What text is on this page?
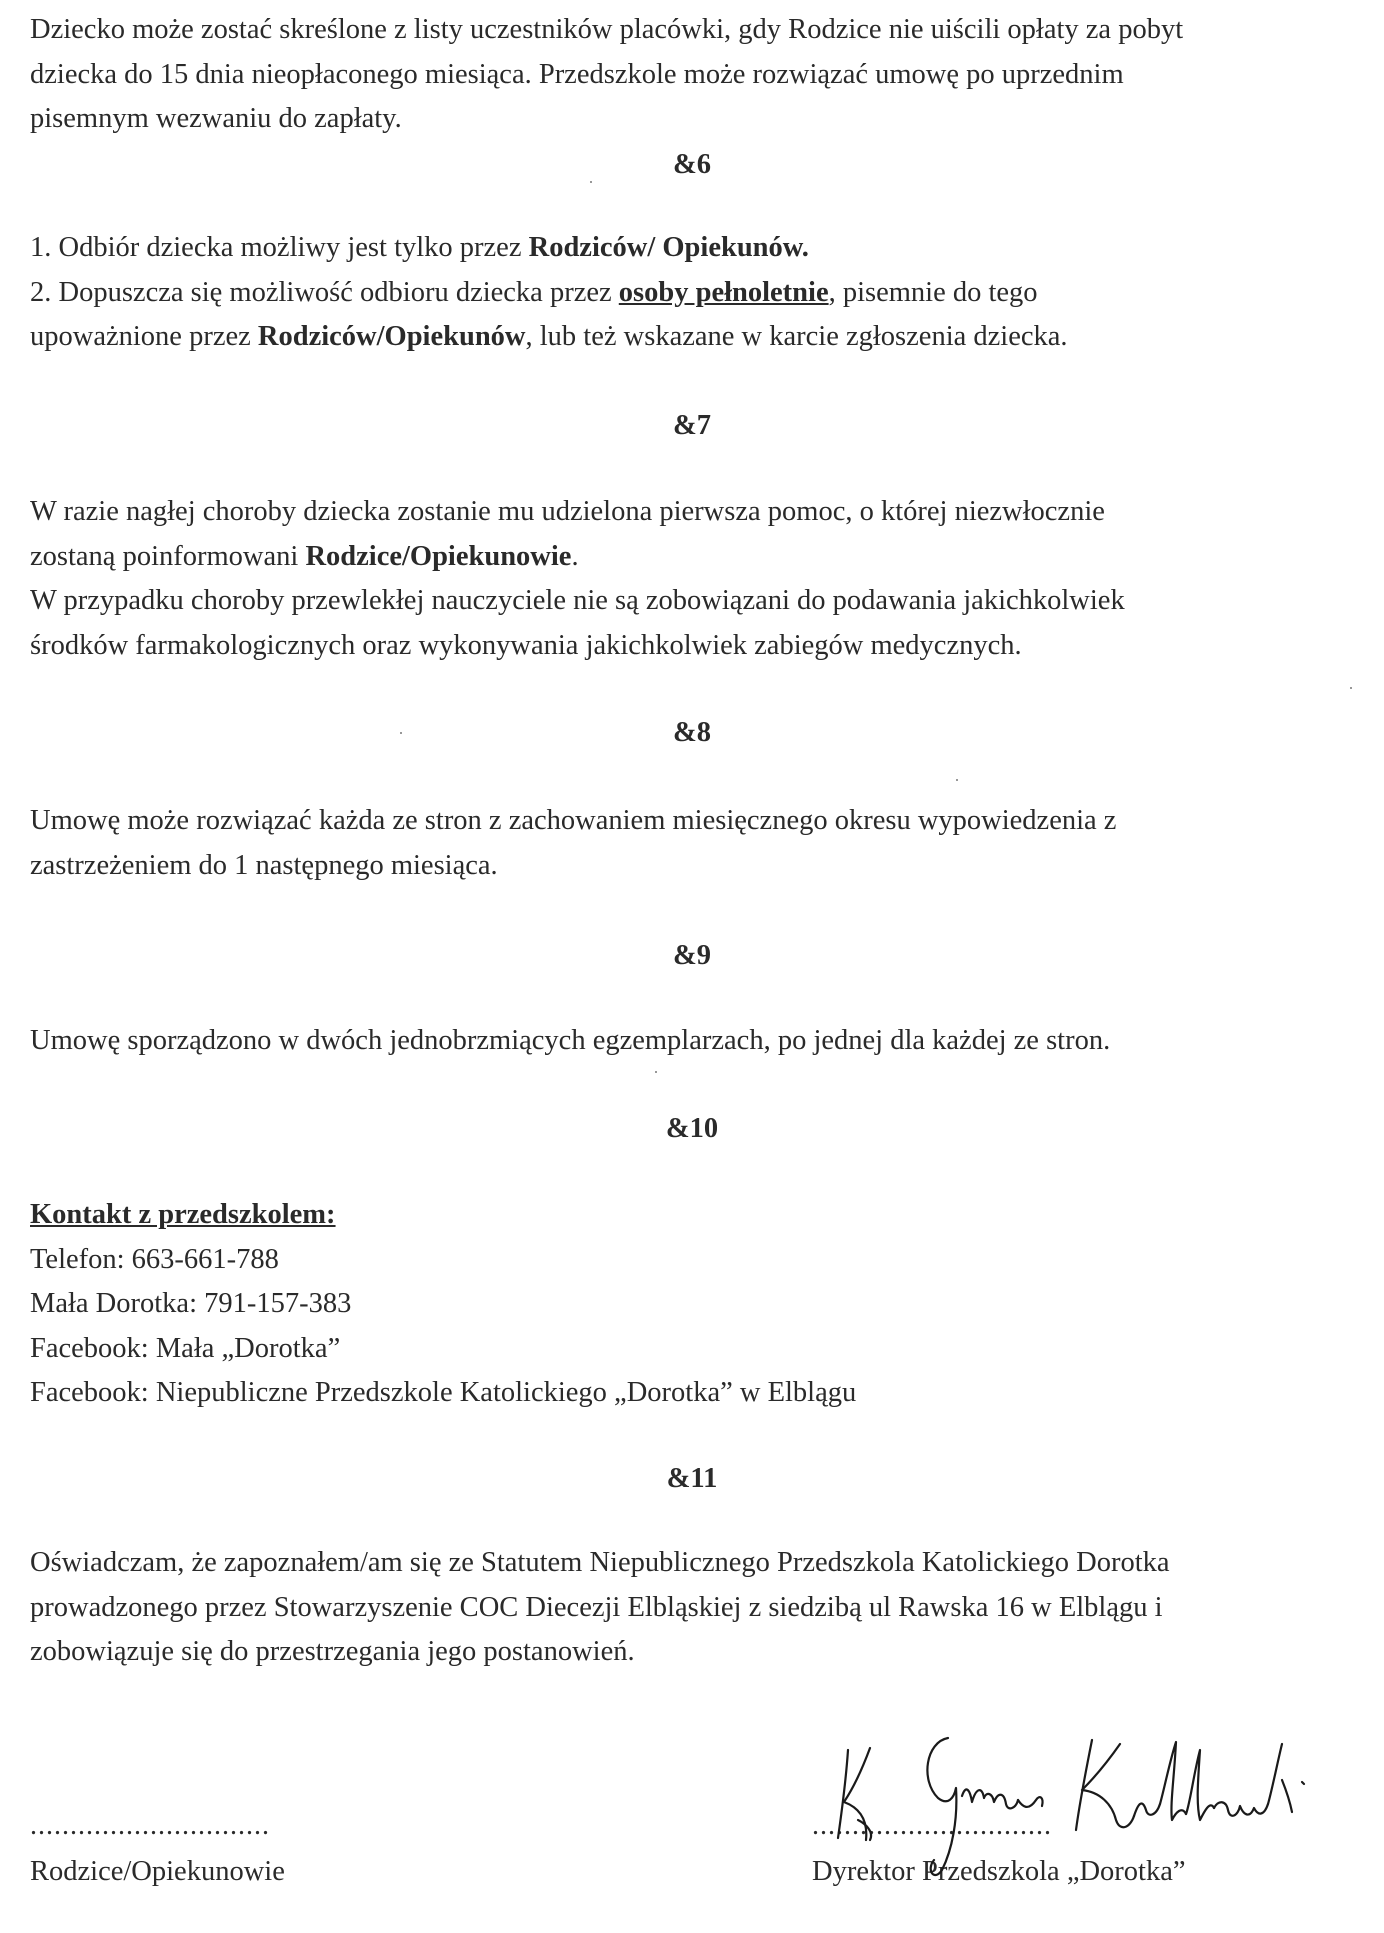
Dziecko może zostać skreślone z listy uczestników placówki, gdy Rodzice nie uiścili opłaty za pobyt
dziecka do 15 dnia nieopłaconego miesiąca. Przedszkole może rozwiązać umowę po uprzednim
pisemnym wezwaniu do zapłaty.

&6

1. Odbiór dziecka możliwy jest tylko przez Rodziców/ Opiekunów.
2. Dopuszcza się możliwość odbioru dziecka przez osoby pełnoletnie, pisemnie do tego
upoważnione przez Rodziców/Opiekunów, lub też wskazane w karcie zgłoszenia dziecka.

&7

W razie nagłej choroby dziecka zostanie mu udzielona pierwsza pomoc, o której niezwłocznie
zostaną poinformowani Rodzice/Opiekunowie.
W przypadku choroby przewlekłej nauczyciele nie są zobowiązani do podawania jakichkolwiek
środków farmakologicznych oraz wykonywania jakichkolwiek zabiegów medycznych.

&8

Umowę może rozwiązać każda ze stron z zachowaniem miesięcznego okresu wypowiedzenia z
zastrzeżeniem do 1 następnego miesiąca.

&9

Umowę sporządzono w dwóch jednobrzmiących egzemplarzach, po jednej dla każdej ze stron.

&10

Kontakt z przedszkolem:
Telefon: 663-661-788
Mała Dorotka: 791-157-383
Facebook: Mała „Dorotka”
Facebook: Niepubliczne Przedszkole Katolickiego „Dorotka” w Elblągu

&11

Oświadczam, że zapoznałem/am się ze Statutem Niepublicznego Przedszkola Katolickiego Dorotka
prowadzonego przez Stowarzyszenie COC Diecezji Elbląskiej z siedzibą ul Rawska 16 w Elblągu i
zobowiązuje się do przestrzegania jego postanowień.

..............................
Rodzice/Opiekunowie
..............................
Dyrektor Przedszkola „Dorotka”
